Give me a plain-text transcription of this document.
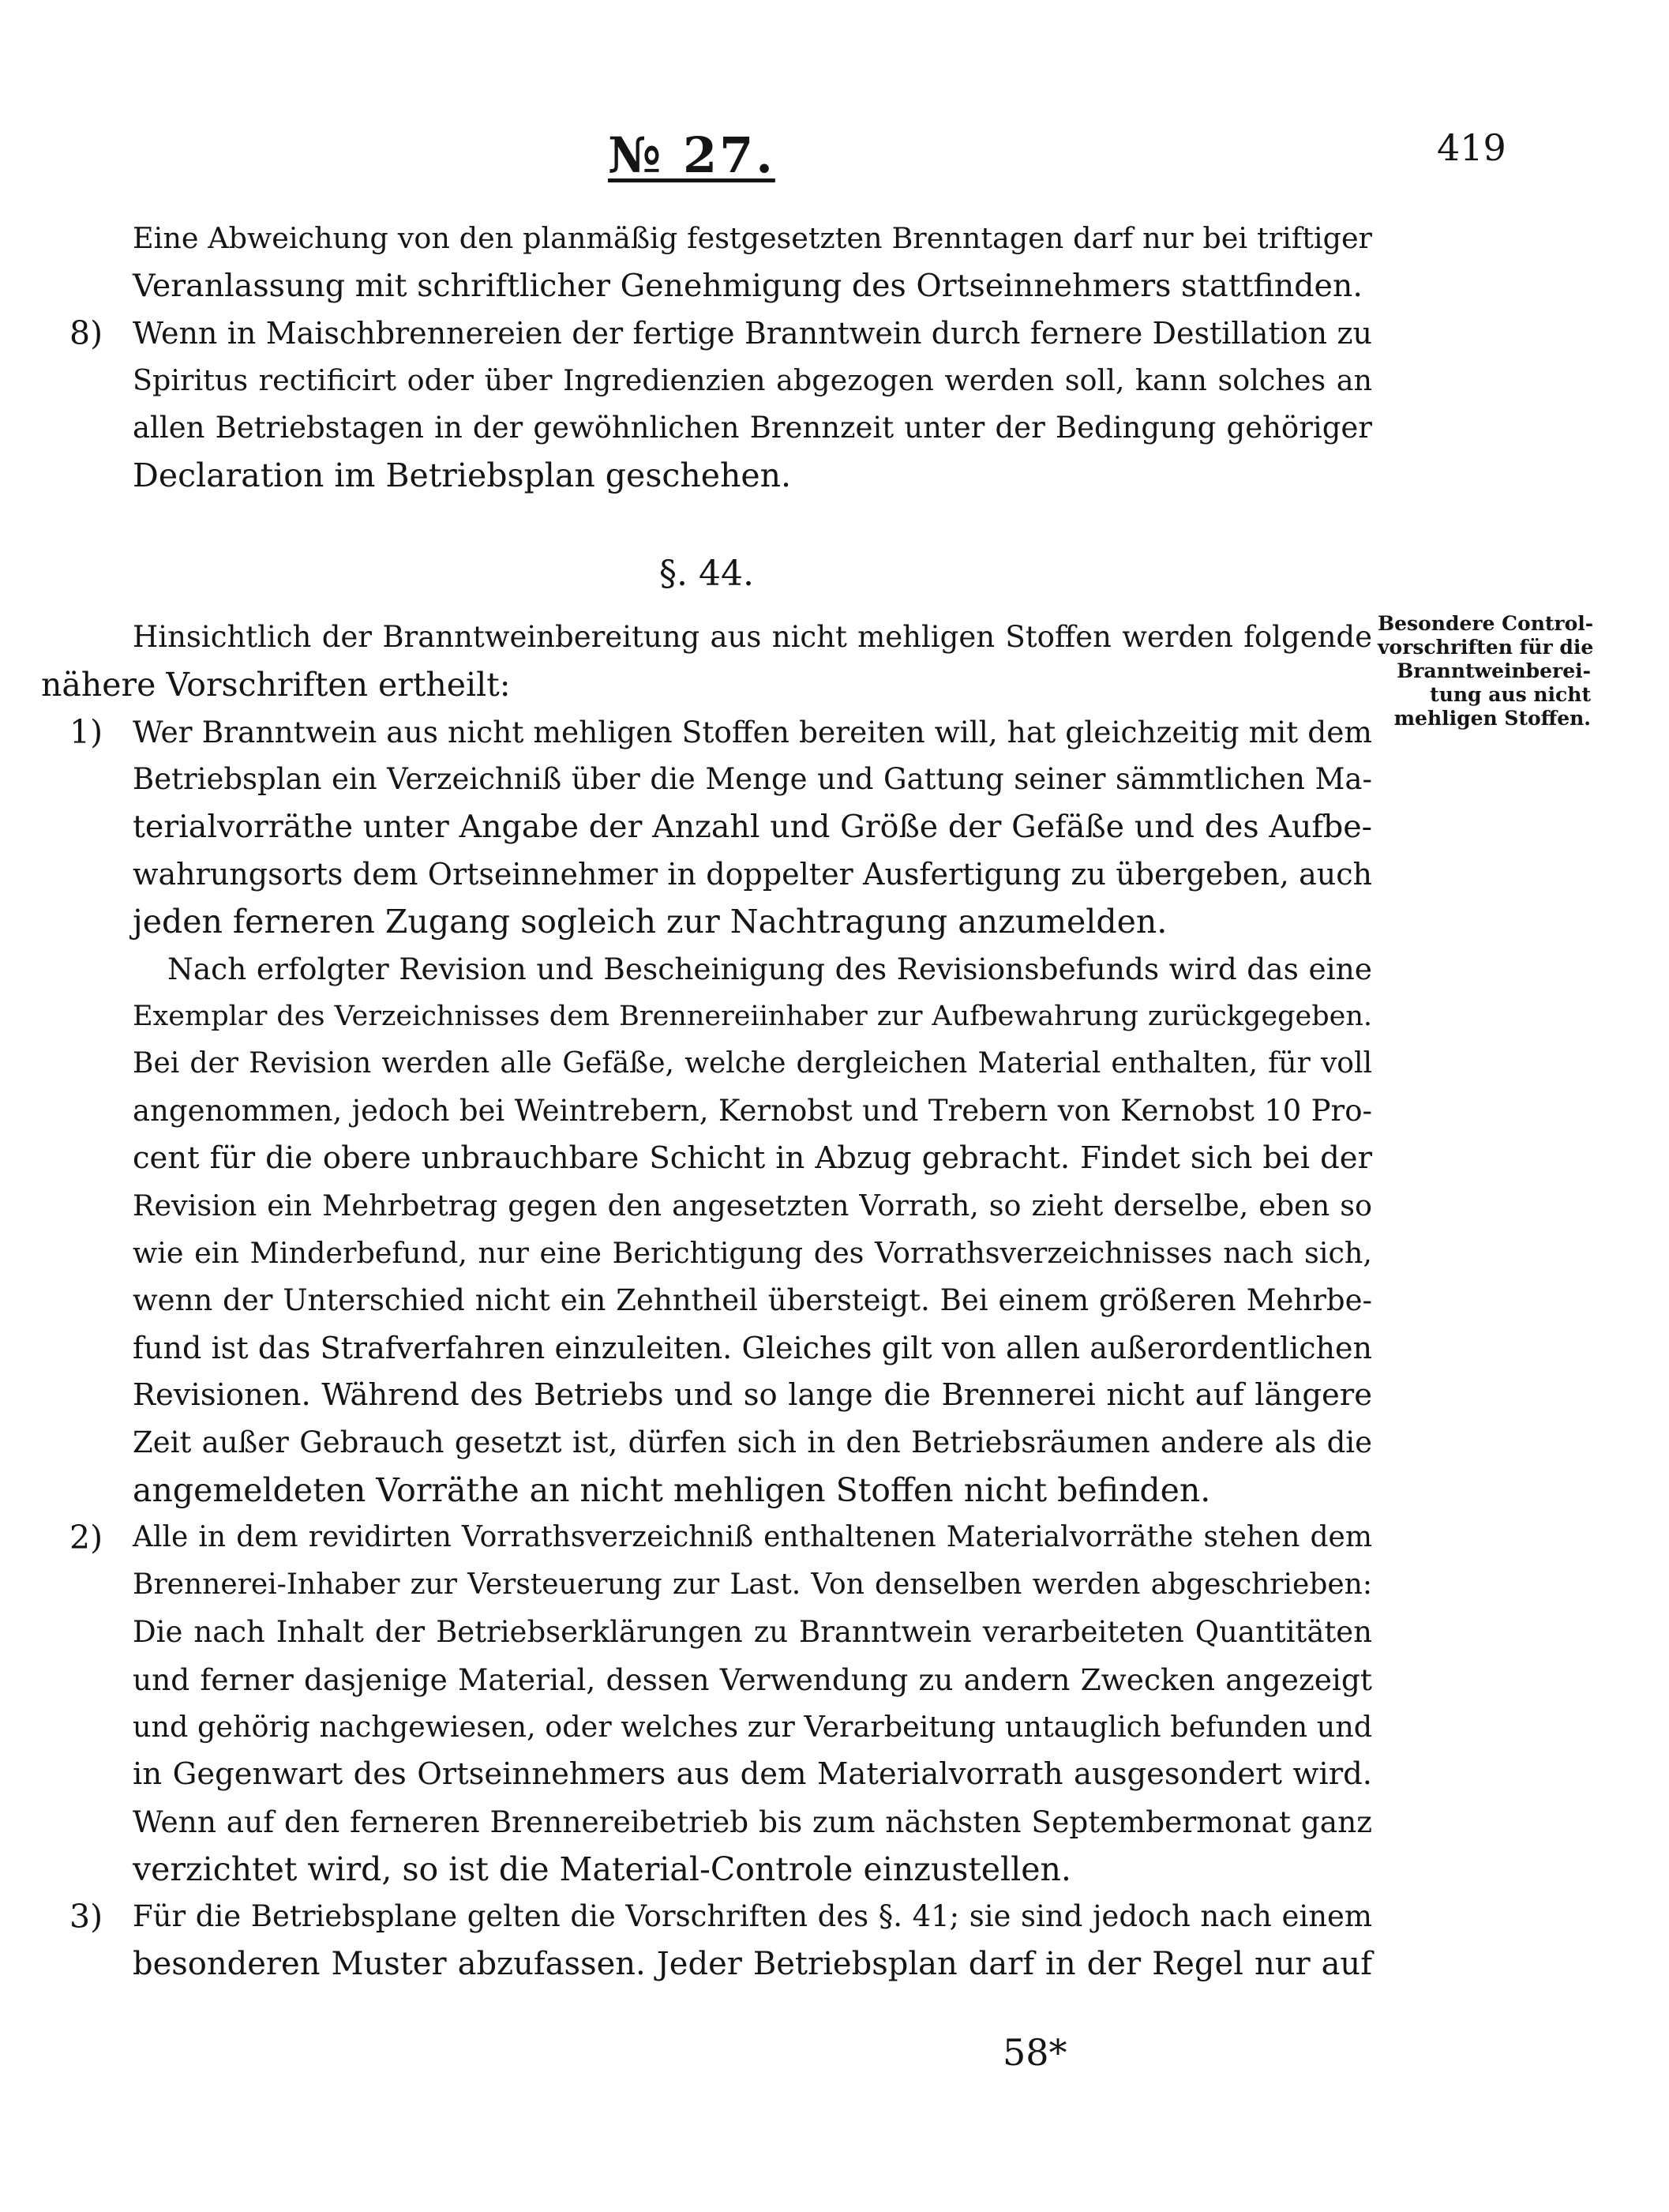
№ 27.	419
Eine Abweichung von den planmäßig festgesetzten Brenntagen darf nur bei triftiger
Veranlassung mit schriftlicher Genehmigung des Ortseinnehmers stattfinden.
8) Wenn in Maischbrennereien der fertige Branntwein durch fernere Destillation zu
Spiritus rectificirt oder über Ingredienzien abgezogen werden soll, kann solches an
allen Betriebstagen in der gewöhnlichen Brennzeit unter der Bedingung gehöriger
Declaration im Betriebsplan geschehen.
§. 44.
Besondere Control-
vorschriften für die
Branntweinberei-
tung aus nicht
mehligen Stoffen.
Hinsichtlich der Branntweinbereitung aus nicht mehligen Stoffen werden folgende
nähere Vorschriften ertheilt:
1) Wer Branntwein aus nicht mehligen Stoffen bereiten will, hat gleichzeitig mit dem
Betriebsplan ein Verzeichniß über die Menge und Gattung seiner sämmtlichen Ma-
terialvorräthe unter Angabe der Anzahl und Größe der Gefäße und des Aufbe-
wahrungsorts dem Ortseinnehmer in doppelter Ausfertigung zu übergeben, auch
jeden ferneren Zugang sogleich zur Nachtragung anzumelden.
Nach erfolgter Revision und Bescheinigung des Revisionsbefunds wird das eine
Exemplar des Verzeichnisses dem Brennereiinhaber zur Aufbewahrung zurückgegeben.
Bei der Revision werden alle Gefäße, welche dergleichen Material enthalten, für voll
angenommen, jedoch bei Weintrebern, Kernobst und Trebern von Kernobst 10 Pro-
cent für die obere unbrauchbare Schicht in Abzug gebracht. Findet sich bei der
Revision ein Mehrbetrag gegen den angesetzten Vorrath, so zieht derselbe, eben so
wie ein Minderbefund, nur eine Berichtigung des Vorrathsverzeichnisses nach sich,
wenn der Unterschied nicht ein Zehntheil übersteigt. Bei einem größeren Mehrbe-
fund ist das Strafverfahren einzuleiten. Gleiches gilt von allen außerordentlichen
Revisionen. Während des Betriebs und so lange die Brennerei nicht auf längere
Zeit außer Gebrauch gesetzt ist, dürfen sich in den Betriebsräumen andere als die
angemeldeten Vorräthe an nicht mehligen Stoffen nicht befinden.
2) Alle in dem revidirten Vorrathsverzeichniß enthaltenen Materialvorräthe stehen dem
Brennerei-Inhaber zur Versteuerung zur Last. Von denselben werden abgeschrieben:
Die nach Inhalt der Betriebserklärungen zu Branntwein verarbeiteten Quantitäten
und ferner dasjenige Material, dessen Verwendung zu andern Zwecken angezeigt
und gehörig nachgewiesen, oder welches zur Verarbeitung untauglich befunden und
in Gegenwart des Ortseinnehmers aus dem Materialvorrath ausgesondert wird.
Wenn auf den ferneren Brennereibetrieb bis zum nächsten Septembermonat ganz
verzichtet wird, so ist die Material-Controle einzustellen.
3) Für die Betriebsplane gelten die Vorschriften des §. 41; sie sind jedoch nach einem
besonderen Muster abzufassen. Jeder Betriebsplan darf in der Regel nur auf
58*
